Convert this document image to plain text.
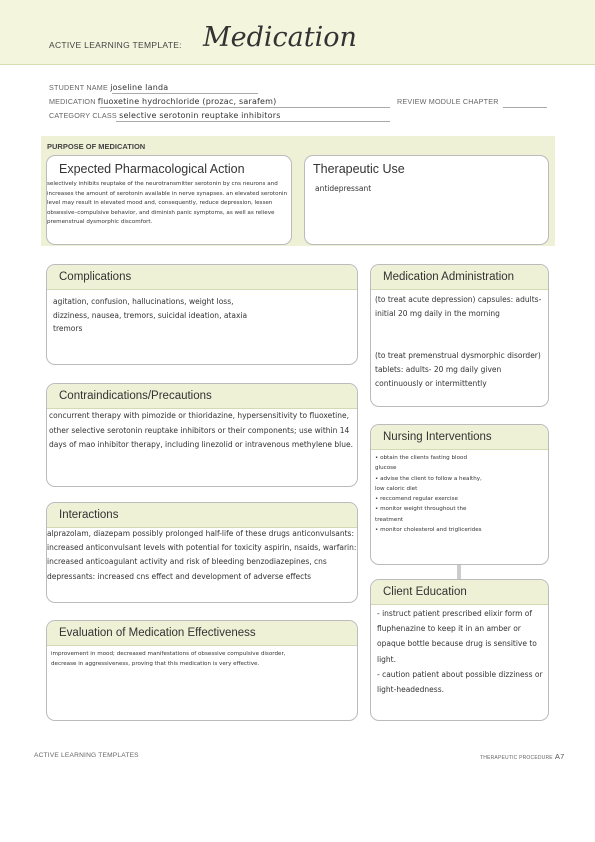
ACTIVE LEARNING TEMPLATE: Medication
STUDENT NAME joseline landa
MEDICATION fluoxetine hydrochloride (prozac, sarafem)	REVIEW MODULE CHAPTER
CATEGORY CLASS selective serotonin reuptake inhibitors
PURPOSE OF MEDICATION
Expected Pharmacological Action
selectively inhibits reuptake of the neurotransmitter serotonin by cns neurons and increases the amount of serotonin available in nerve synapses. an elevated serotonin level may result in elevated mood and, consequently, reduce depression, lessen obsessive–compulsive behavior, and diminish panic symptoms, as well as relieve premenstrual dysmorphic discomfort.
Therapeutic Use
antidepressant
Complications
agitation, confusion, hallucinations, weight loss, dizziness, nausea, tremors, suicidal ideation, ataxia tremors
Medication Administration
(to treat acute depression) capsules: adults- initial 20 mg daily in the morning
(to treat premenstrual dysmorphic disorder) tablets: adults- 20 mg daily given continuously or intermittently
Contraindications/Precautions
concurrent therapy with pimozide or thioridazine, hypersensitivity to fluoxetine, other selective serotonin reuptake inhibitors or their components; use within 14 days of mao inhibitor therapy, including linezolid or intravenous methylene blue.
Nursing Interventions
• obtain the clients fasting blood glucose
• advise the client to follow a healthy, low caloric diet
• reccomend regular exercise
• monitor weight throughout the treatment
• monitor cholesterol and triglicerides
Interactions
alprazolam, diazepam possibly prolonged half-life of these drugs anticonvulsants: increased anticonvulsant levels with potential for toxicity aspirin, nsaids, warfarin: increased anticoagulant activity and risk of bleeding benzodiazepines, cns depressants: increased cns effect and development of adverse effects
Client Education
- instruct patient prescribed elixir form of fluphenazine to keep it in an amber or opaque bottle because drug is sensitive to light.
- caution patient about possible dizziness or light-headedness.
Evaluation of Medication Effectiveness
improvement in mood; decreased manifestations of obsessive compulsive disorder, decrease in aggressiveness, proving that this medication is very effective.
ACTIVE LEARNING TEMPLATES	THERAPEUTIC PROCEDURE A7
